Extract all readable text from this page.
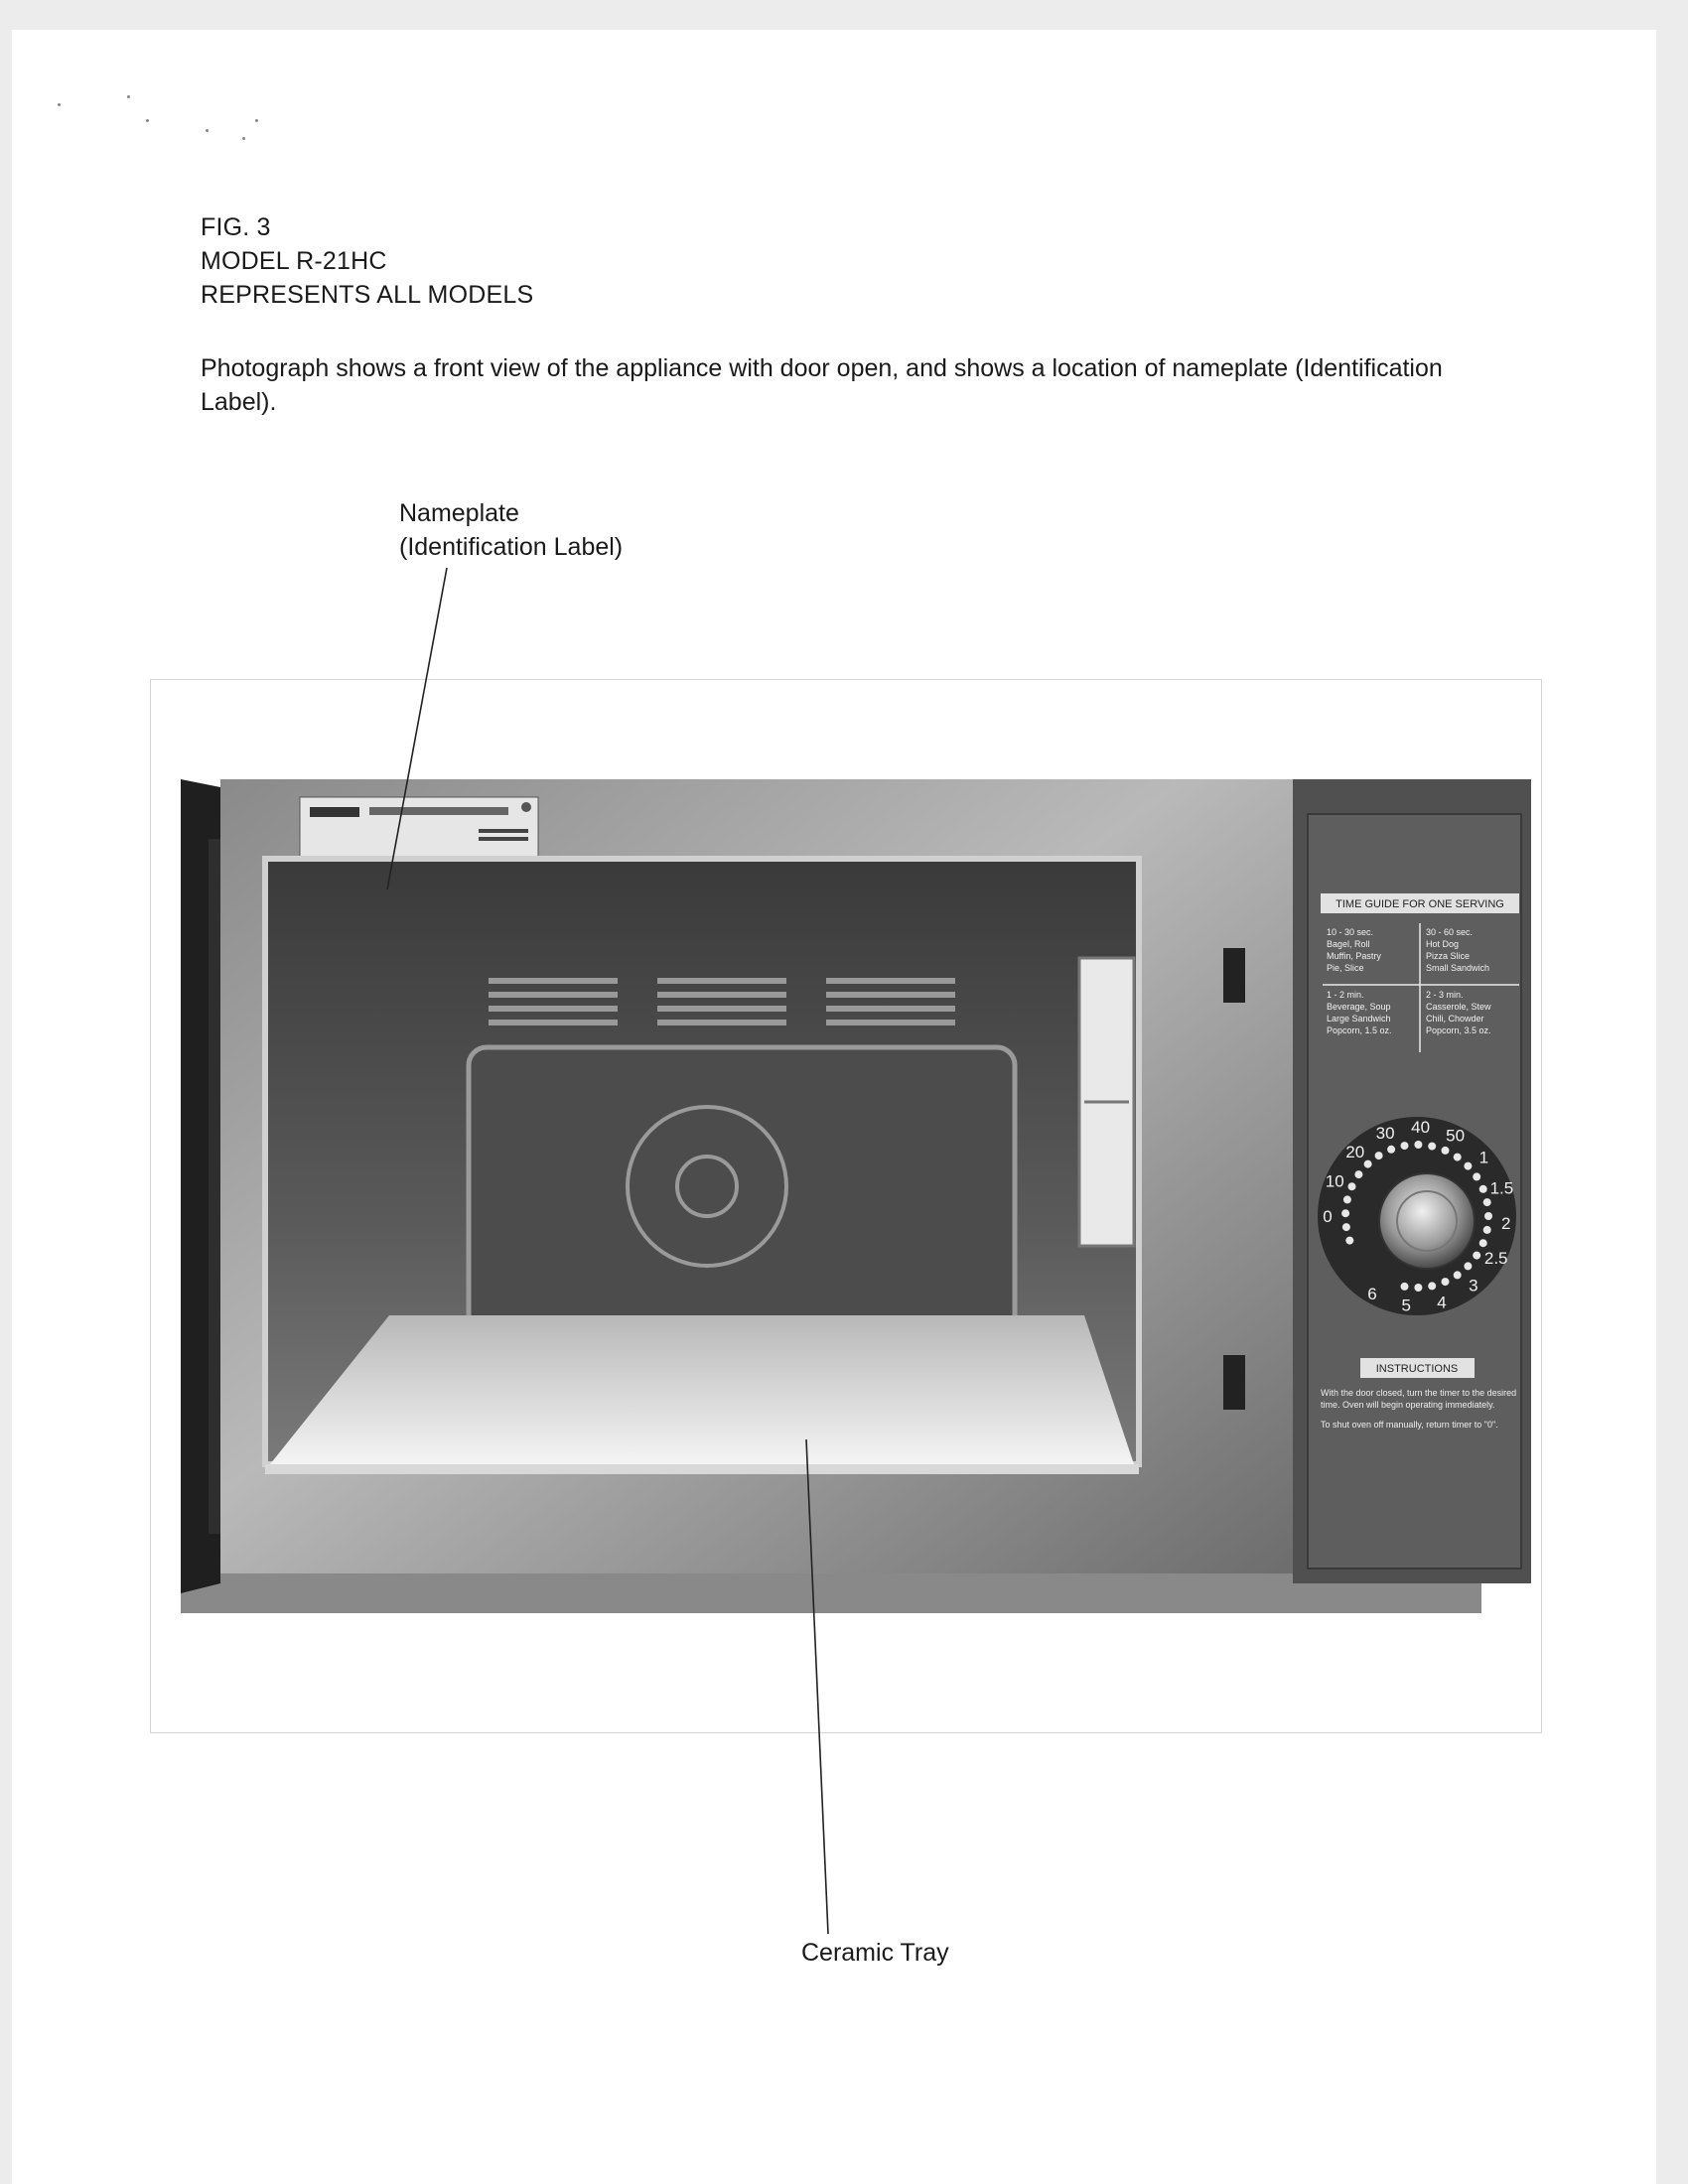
FIG. 3
MODEL R-21HC
REPRESENTS ALL MODELS
Photograph shows a front view of the appliance with door open, and shows a location of nameplate (Identification Label).
Nameplate
(Identification Label)
TIME GUIDE FOR ONE SERVING
10 - 30 sec.
Bagel, Roll
Muffin, Pastry
Pie, Slice
30 - 60 sec.
Hot Dog
Pizza Slice
Small Sandwich
1 - 2 min.
Beverage, Soup
Large Sandwich
Popcorn, 1.5 oz.
2 - 3 min.
Casserole, Stew
Chili, Chowder
Popcorn, 3.5 oz.
0
10
20
30 40 50
1
1.5
2
2.5
3
4
5
6
INSTRUCTIONS
With the door closed, turn the timer to the desired time. Oven will begin operating immediately.
To shut oven off manually, return timer to "0".
Ceramic Tray
